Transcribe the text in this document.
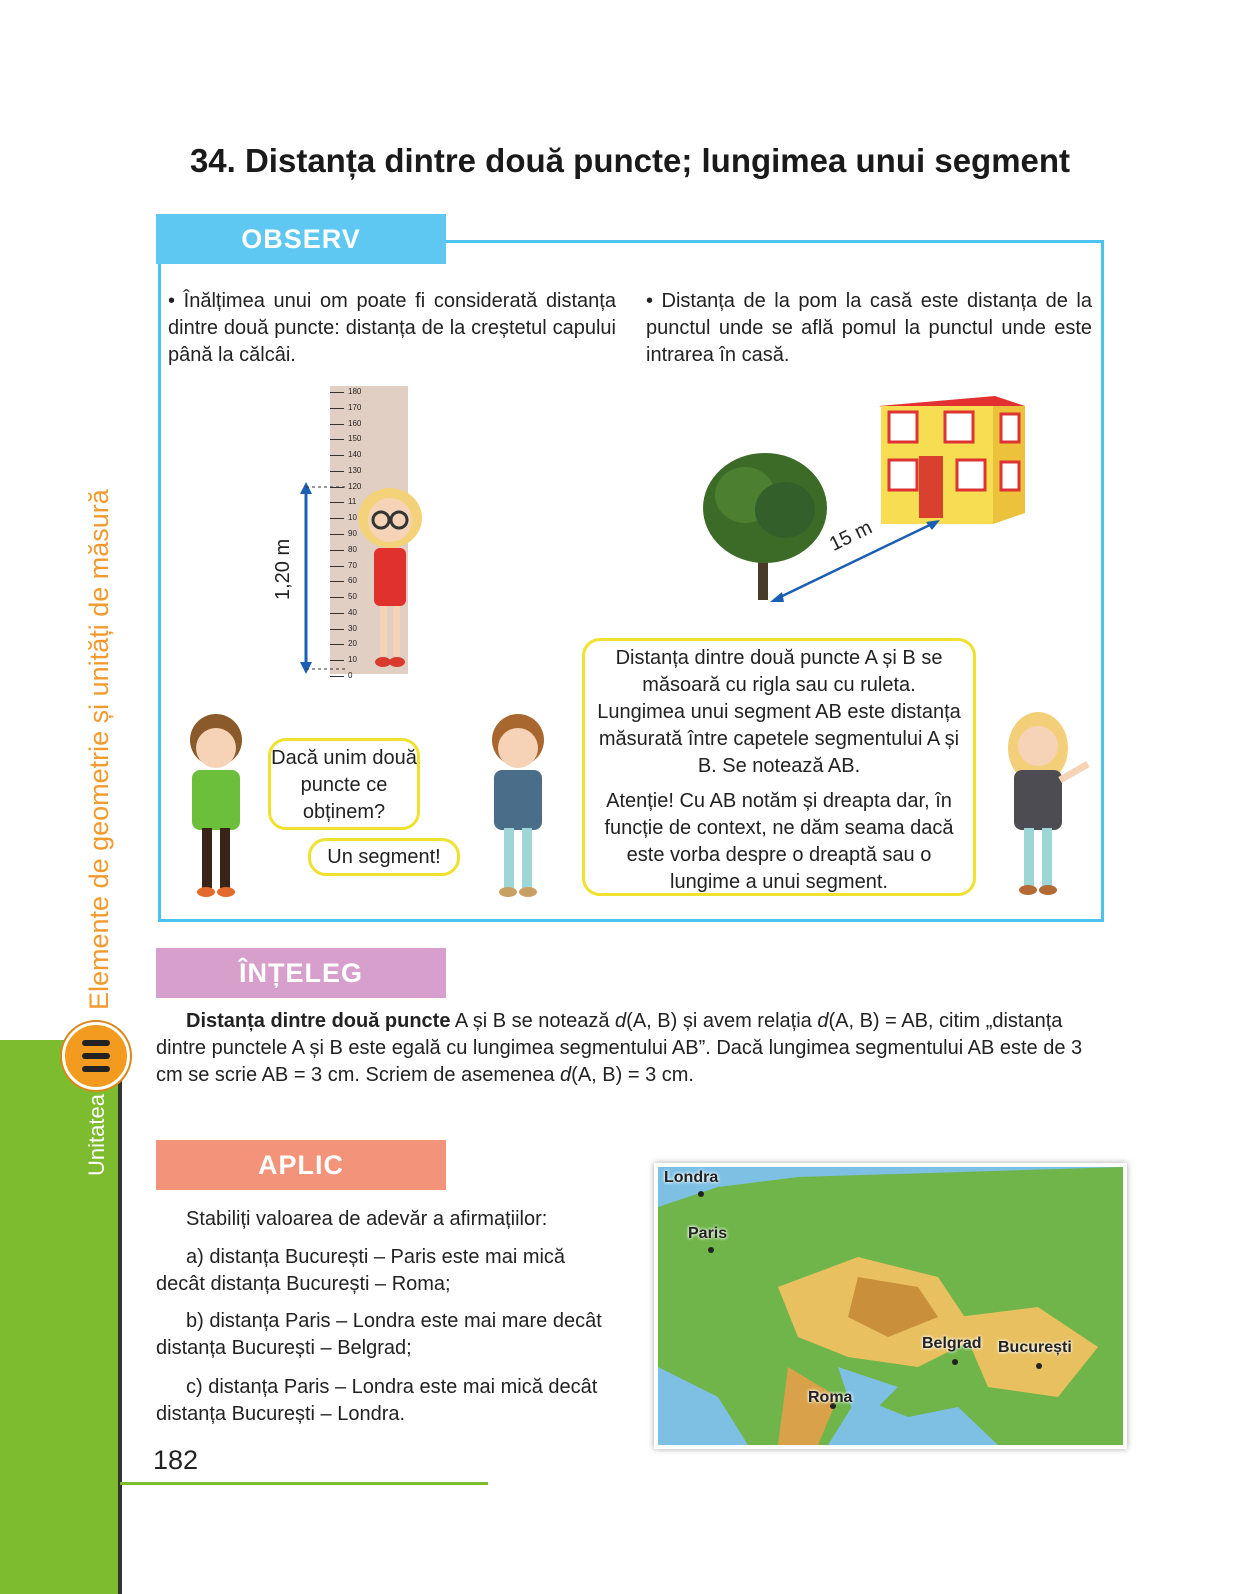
34. Distanța dintre două puncte; lungimea unui segment
OBSERV
• Înălțimea unui om poate fi considerată distanța dintre două puncte: distanța de la creștetul capului până la călcâi.
• Distanța de la pom la casă este distanța de la punctul unde se află pomul la punctul unde este intrarea în casă.
180
170
160
150
140
130
120
11
10
90
80
70
60
50
40
30
20
10
0
1,20 m
15 m
Dacă unim două puncte ce obținem?
Un segment!
Distanța dintre două puncte A și B se măsoară cu rigla sau cu ruleta. Lungimea unui segment AB este distanța măsurată între capetele segmentului A și B. Se notează AB.
Atenție! Cu AB notăm și dreapta dar, în funcție de context, ne dăm seama dacă este vorba despre o dreaptă sau o lungime a unui segment.
ÎNȚELEG
Distanța dintre două puncte A și B se notează d(A, B) și avem relația d(A, B) = AB, citim „distanța dintre punctele A și B este egală cu lungimea segmentului AB”. Dacă lungimea segmentului AB este de 3 cm se scrie AB = 3 cm. Scriem de asemenea d(A, B) = 3 cm.
APLIC
Stabiliți valoarea de adevăr a afirmațiilor:
a) distanța București – Paris este mai mică decât distanța București – Roma;
b) distanța Paris – Londra este mai mare decât distanța București – Belgrad;
c) distanța Paris – Londra este mai mică decât distanța București – Londra.
Londra
Paris
Belgrad București
Roma
Elemente de geometrie și unități de măsură
Unitatea
182
